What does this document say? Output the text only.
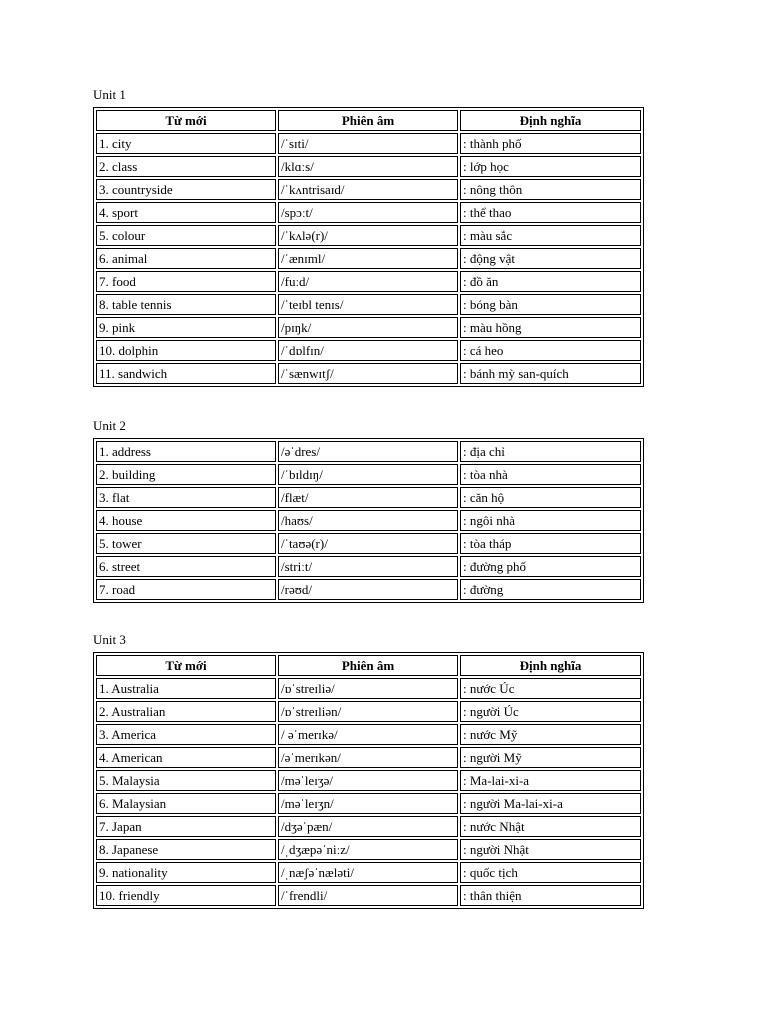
Unit 1
Từ mới	Phiên âm	Định nghĩa
1. city	/ˈsɪti/	: thành phố
2. class	/klɑːs/	: lớp học
3. countryside	/ˈkʌntrisaɪd/	: nông thôn
4. sport	/spɔːt/	: thể thao
5. colour	/ˈkʌlə(r)/	: màu sắc
6. animal	/ˈænɪml/	: động vật
7. food	/fuːd/	: đồ ăn
8. table tennis	/ˈteɪbl tenɪs/	: bóng bàn
9. pink	/pɪŋk/	: màu hồng
10. dolphin	/ˈdɒlfɪn/	: cá heo
11. sandwich	/ˈsænwɪtʃ/	: bánh mỳ san-quích
Unit 2
1. address	/əˈdres/	: địa chỉ
2. building	/ˈbɪldɪŋ/	: tòa nhà
3. flat	/flæt/	: căn hộ
4. house	/haʊs/	: ngôi nhà
5. tower	/ˈtaʊə(r)/	: tòa tháp
6. street	/striːt/	: đường phố
7. road	/rəʊd/	: đường
Unit 3
Từ mới	Phiên âm	Định nghĩa
1. Australia	/ɒˈstreɪliə/	: nước Úc
2. Australian	/ɒˈstreɪliən/	: người Úc
3. America	/ əˈmerɪkə/	: nước Mỹ
4. American	/əˈmerɪkən/	: người Mỹ
5. Malaysia	/məˈleɪʒə/	: Ma-lai-xi-a
6. Malaysian	/məˈleɪʒn/	: người Ma-lai-xi-a
7. Japan	/dʒəˈpæn/	: nước Nhật
8. Japanese	/ˌdʒæpəˈniːz/	: người Nhật
9. nationality	/ˌnæʃəˈnæləti/	: quốc tịch
10. friendly	/ˈfrendli/	: thân thiện
